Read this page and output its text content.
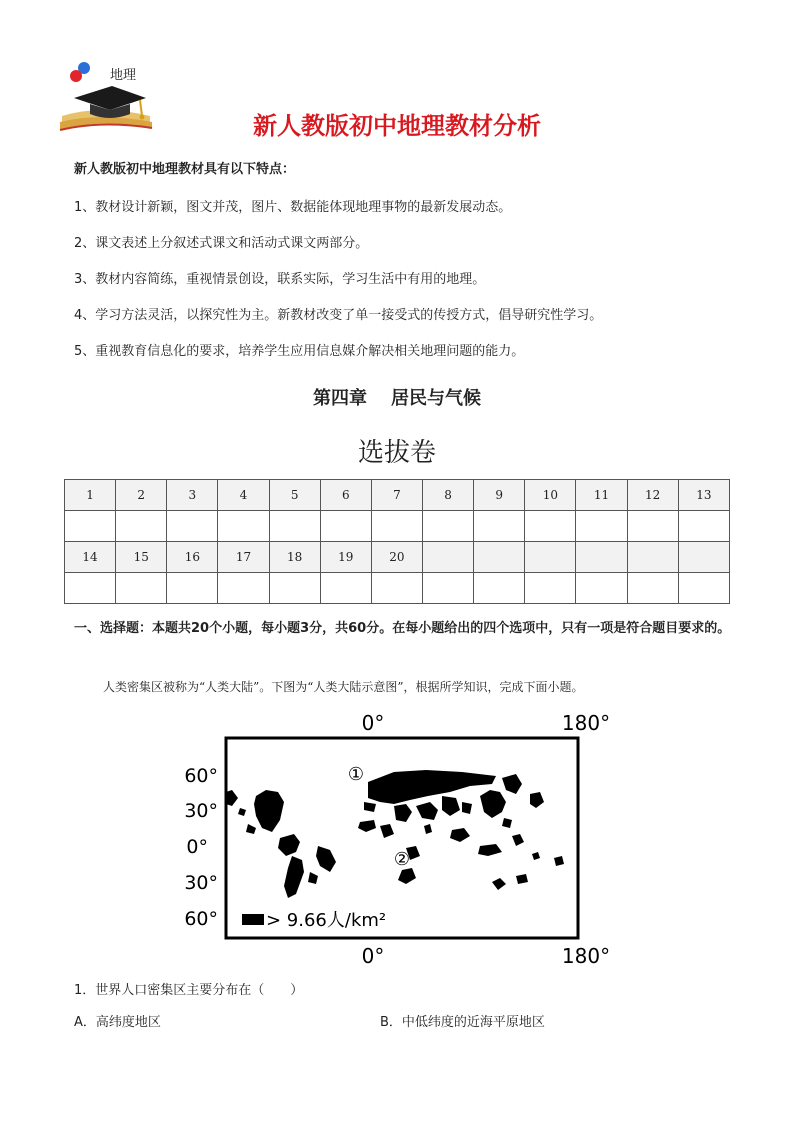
地理
新人教版初中地理教材分析
新人教版初中地理教材具有以下特点：
1、教材设计新颖，图文并茂，图片、数据能体现地理事物的最新发展动态。
2、课文表述上分叙述式课文和活动式课文两部分。
3、教材内容简练，重视情景创设，联系实际，学习生活中有用的地理。
4、学习方法灵活，以探究性为主。新教材改变了单一接受式的传授方式，倡导研究性学习。
5、重视教育信息化的要求，培养学生应用信息媒介解决相关地理问题的能力。
第四章 居民与气候
选拔卷
1	2	3	4	5	6	7	8	9	10	11	12	13

14	15	16	17	18	19	20						

一、选择题：本题共20个小题，每小题3分，共60分。在每小题给出的四个选项中，只有一项是符合题目要求的。
人类密集区被称为“人类大陆”。下图为“人类大陆示意图”，根据所学知识，完成下面小题。
0°	180°
0°	180°
60°
30°
0°
30°
60°
①
②
> 9.66人/km²
1．世界人口密集区主要分布在（　　）
A．高纬度地区	B．中低纬度的近海平原地区
